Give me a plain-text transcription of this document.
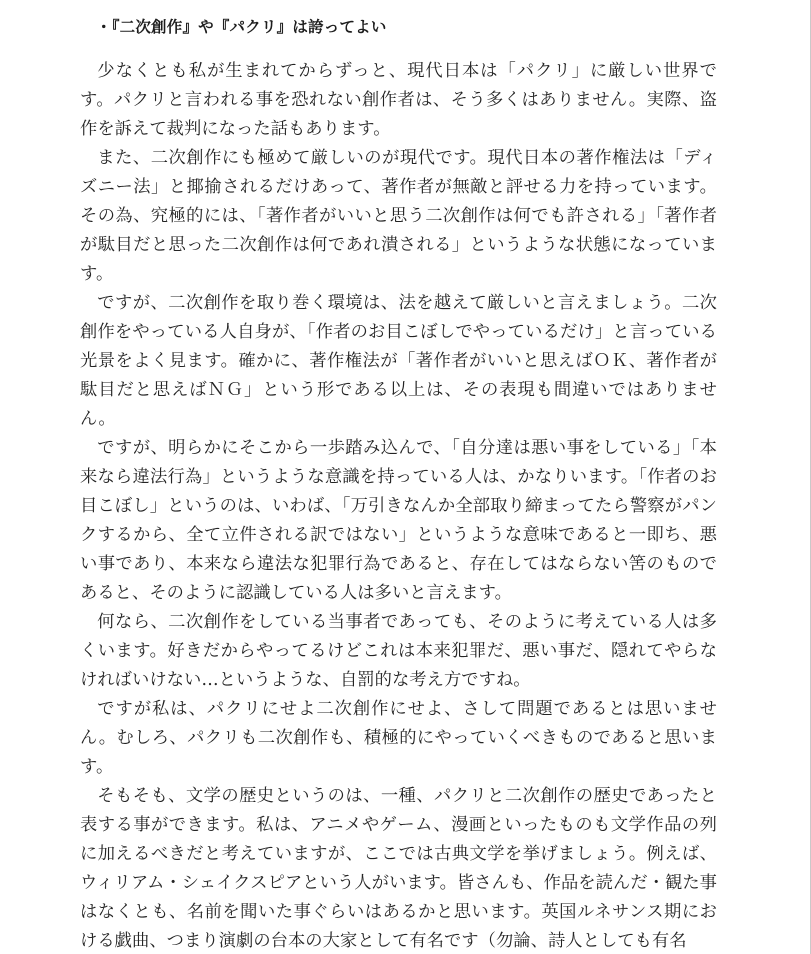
・『二次創作』や『パクリ』は誇ってよい

少なくとも私が生まれてからずっと、現代日本は「パクリ」に厳しい世界です。パクリと言われる事を恐れない創作者は、そう多くはありません。実際、盗作を訴えて裁判になった話もあります。

また、二次創作にも極めて厳しいのが現代です。現代日本の著作権法は「ディズニー法」と揶揄されるだけあって、著作者が無敵と評せる力を持っています。その為、究極的には、「著作者がいいと思う二次創作は何でも許される」「著作者が駄目だと思った二次創作は何であれ潰される」というような状態になっています。

ですが、二次創作を取り巻く環境は、法を越えて厳しいと言えましょう。二次創作をやっている人自身が、「作者のお目こぼしでやっているだけ」と言っている光景をよく見ます。確かに、著作権法が「著作者がいいと思えばＯＫ、著作者が駄目だと思えばＮＧ」という形である以上は、その表現も間違いではありません。

ですが、明らかにそこから一歩踏み込んで、「自分達は悪い事をしている」「本来なら違法行為」というような意識を持っている人は、かなりいます。「作者のお目こぼし」というのは、いわば、「万引きなんか全部取り締まってたら警察がパンクするから、全て立件される訳ではない」というような意味であると一即ち、悪い事であり、本来なら違法な犯罪行為であると、存在してはならない筈のものであると、そのように認識している人は多いと言えます。

何なら、二次創作をしている当事者であっても、そのように考えている人は多くいます。好きだからやってるけどこれは本来犯罪だ、悪い事だ、隠れてやらなければいけない…というような、自罰的な考え方ですね。

ですが私は、パクリにせよ二次創作にせよ、さして問題であるとは思いません。むしろ、パクリも二次創作も、積極的にやっていくべきものであると思います。

そもそも、文学の歴史というのは、一種、パクリと二次創作の歴史であったと表する事ができます。私は、アニメやゲーム、漫画といったものも文学作品の列に加えるべきだと考えていますが、ここでは古典文学を挙げましょう。例えば、ウィリアム・シェイクスピアという人がいます。皆さんも、作品を読んだ・観た事はなくとも、名前を聞いた事ぐらいはあるかと思います。英国ルネサンス期における戯曲、つまり演劇の台本の大家として有名です（勿論、詩人としても有名
